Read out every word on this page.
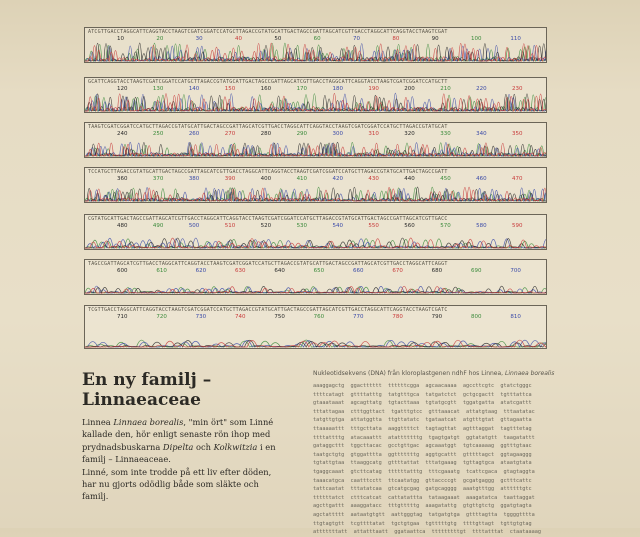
ATCGTTGACCTAGGCATTCAGGTACCTAAGTCGATCGGATCCATGCTTAGACCGTATGCATTGACTAGCCGATTAGCATCGTTGACCTAGGCATTCAGGTACCTAAGTCGAT
10	20	30	40	50	60	70	80	90	100	110
GCATTCAGGTACCTAAGTCGATCGGATCCATGCTTAGACCGTATGCATTGACTAGCCGATTAGCATCGTTGACCTAGGCATTCAGGTACCTAAGTCGATCGGATCCATGCTT
120	130	140	150	160	170	180	190	200	210	220	230
TAAGTCGATCGGATCCATGCTTAGACCGTATGCATTGACTAGCCGATTAGCATCGTTGACCTAGGCATTCAGGTACCTAAGTCGATCGGATCCATGCTTAGACCGTATGCAT
240	250	260	270	280	290	300	310	320	330	340	350
TCCATGCTTAGACCGTATGCATTGACTAGCCGATTAGCATCGTTGACCTAGGCATTCAGGTACCTAAGTCGATCGGATCCATGCTTAGACCGTATGCATTGACTAGCCGATT
360	370	380	390	400	410	420	430	440	450	460	470
CGTATGCATTGACTAGCCGATTAGCATCGTTGACCTAGGCATTCAGGTACCTAAGTCGATCGGATCCATGCTTAGACCGTATGCATTGACTAGCCGATTAGCATCGTTGACC
480	490	500	510	520	530	540	550	560	570	580	590
TAGCCGATTAGCATCGTTGACCTAGGCATTCAGGTACCTAAGTCGATCGGATCCATGCTTAGACCGTATGCATTGACTAGCCGATTAGCATCGTTGACCTAGGCATTCAGGT
600	610	620	630	640	650	660	670	680	690	700
TCGTTGACCTAGGCATTCAGGTACCTAAGTCGATCGGATCCATGCTTAGACCGTATGCATTGACTAGCCGATTAGCATCGTTGACCTAGGCATTCAGGTACCTAAGTCGATC
710	720	730	740	750	760	770	780	790	800	810
En ny familj – Linnaeaceae

Linnea Linnaea borealis, "min ört" som Linné kallade den, hör enligt senaste rön ihop med prydnadsbuskarna Dipelta och Kolkwitzia i en familj – Linnaeaceae.

Linné, som inte trodde på ett liv efter döden, har nu gjorts odödlig både som släkte och familj.

Nukleotidsekvens (DNA) från kloroplastgenen ndhF hos Linnea, Linnaea borealis
aaaggagctg  ggactttttt  ttttttcgga  agcaacaaaa  agccttcgtc  gtatctgggc
ttttcatagt  gttttatttg  tatgtttgca  tatgatctct  gctgcgactt  tgtttattca
gtaaataaat  agcagttatg  tgtacttaaa  tgtatgcgtt  tggatgatta  atatcgattt
tttattagaa  ctttggttact  tgatttgtcc  gtttaaacat  attatgtaag  tttaatatac
tatgttgtga  attatggtta  ttgttatatc  tgataatcat  atgtttgtat  gttagaatta
ttaaaaattt  tttgcttata  aaggttttct  tagtagttat  agtttaggat  tagtttetag
ttttattttg  atacaaattt  atatttttttg  tgagtgatgt  ggtatatgtt  taagatattt
gataggcttt  tggcttacac  gcctgttgac  agcaaatggt  tgtcaaaaag  ggtttgtaac
taatgctgtg  gtggatttta  ggtttttttg  aggtgcattt  gtttttagct  ggtagaaggg
tgtattgtaa  ttaaggcatg  gttttattat  tttatgaaag  tgttagtgca  ataatgtata
tgaggcaaat  gtcttcatag  ttttttatttg  tttcgaaatg  tcattcgaca  gtagtaggta
taaacatgca  caatttcctt  ttcaatatgg  gttaccccgt  gcgatgaggg  gctttcattc
tattcaatat  tttatatcaa  gtcatgcgag  gatgcagggg  aaatgtttgg  attttttgtc
ttttttatct  ctttcatcat  cattatattta  tataagaaat  aaagatatca  taattaggat
agcttgattt  aaaggatacc  tttgtttttg  aaagatattg  gtgttgtctg  ggatgtagta
agctattttt  aataatgtgtt  aattgggtag  tatgatgtga  gttttagtta  tggggtttta
ttgtagtgtt  tcgttttatat  tgctgtgaa  tgtttttgtg  ttttgttagt  tgttgtgtag
atttttttatt  attatttaatt  ggataattca  tttttttttgt  ttttatttat  ctaataaaag
